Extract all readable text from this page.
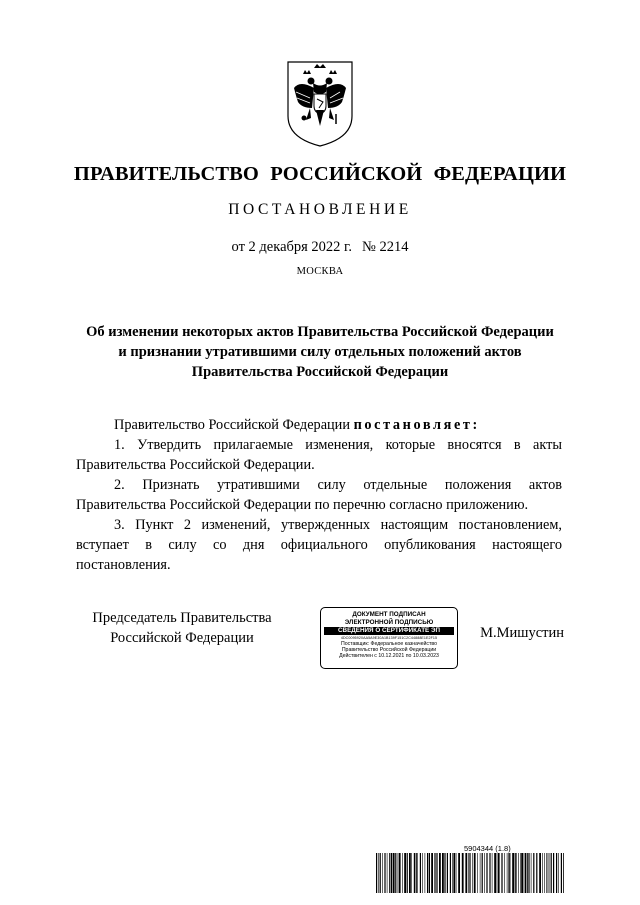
ПРАВИТЕЛЬСТВО РОССИЙСКОЙ ФЕДЕРАЦИИ
ПОСТАНОВЛЕНИЕ
от 2 декабря 2022 г. № 2214
МОСКВА
Об изменении некоторых актов Правительства Российской Федерации
и признании утратившими силу отдельных положений актов
Правительства Российской Федерации

Правительство Российской Федерации постановляет:

1. Утвердить прилагаемые изменения, которые вносятся в акты Правительства Российской Федерации.

2. Признать утратившими силу отдельные положения актов Правительства Российской Федерации по перечню согласно приложению.

3. Пункт 2 изменений, утвержденных настоящим постановлением, вступает в силу со дня официального опубликования настоящего постановления.

Председатель Правительства
Российской Федерации
ДОКУМЕНТ ПОДПИСАН
ЭЛЕКТРОННОЙ ПОДПИСЬЮ
СВЕДЕНИЯ О СЕРТИФИКАТЕ ЭП
4DC0095920AA5A9E30A1B139F151C2C44888E1E2F15
Поставщик: Федеральное казначейство
Правительство Российской Федерации
Действителен с 10.12.2021 по 10.03.2023
М.Мишустин
5904344 (1.8)
